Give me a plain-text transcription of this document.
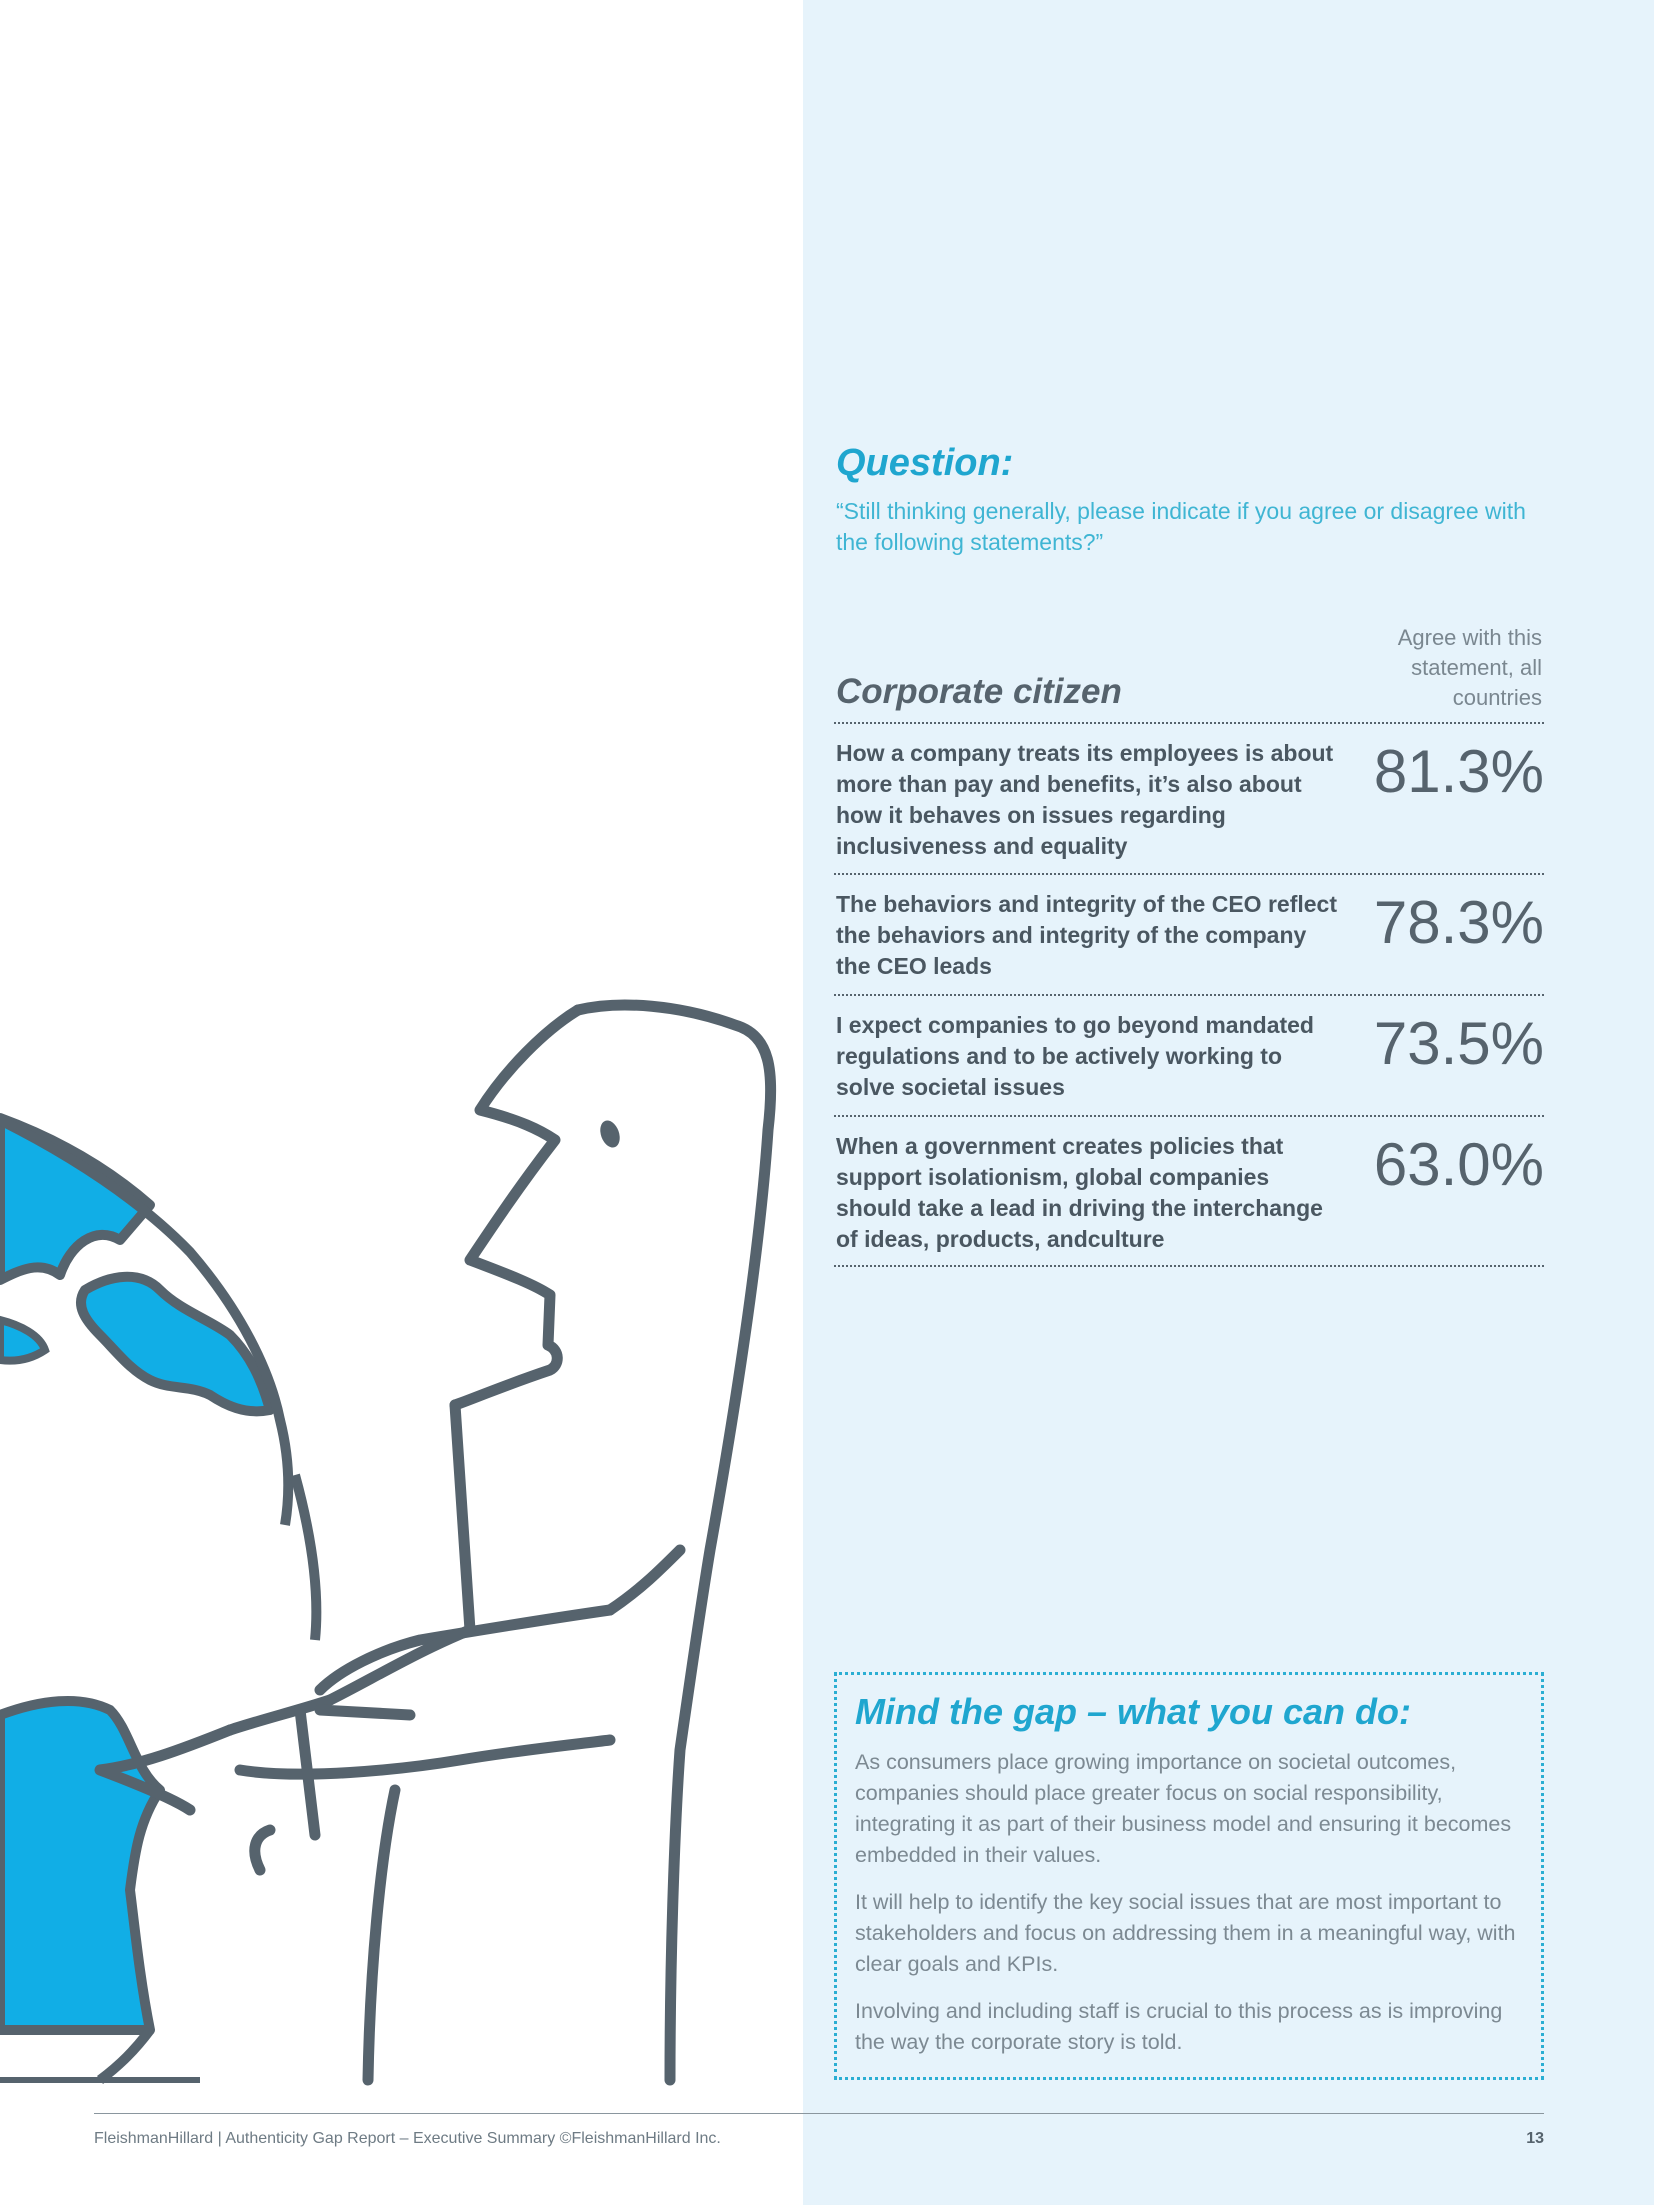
Question:

“Still thinking generally, please indicate if you agree or disagree with the following statements?”

Corporate citizen

Agree with this statement, all countries

How a company treats its employees is about more than pay and benefits, it’s also about how it behaves on issues regarding inclusiveness and equality

81.3%

The behaviors and integrity of the CEO reflect the behaviors and integrity of the company the CEO leads

78.3%

I expect companies to go beyond mandated regulations and to be actively working to solve societal issues

73.5%

When a government creates policies that support isolationism, global companies should take a lead in driving the interchange of ideas, products, andculture

63.0%

Mind the gap – what you can do:

As consumers place growing importance on societal outcomes, companies should place greater focus on social responsibility, integrating it as part of their business model and ensuring it becomes embedded in their values.

It will help to identify the key social issues that are most important to stakeholders and focus on addressing them in a meaningful way, with clear goals and KPIs.

Involving and including staff is crucial to this process as is improving the way the corporate story is told.

FleishmanHillard | Authenticity Gap Report – Executive Summary ©FleishmanHillard Inc.	13
